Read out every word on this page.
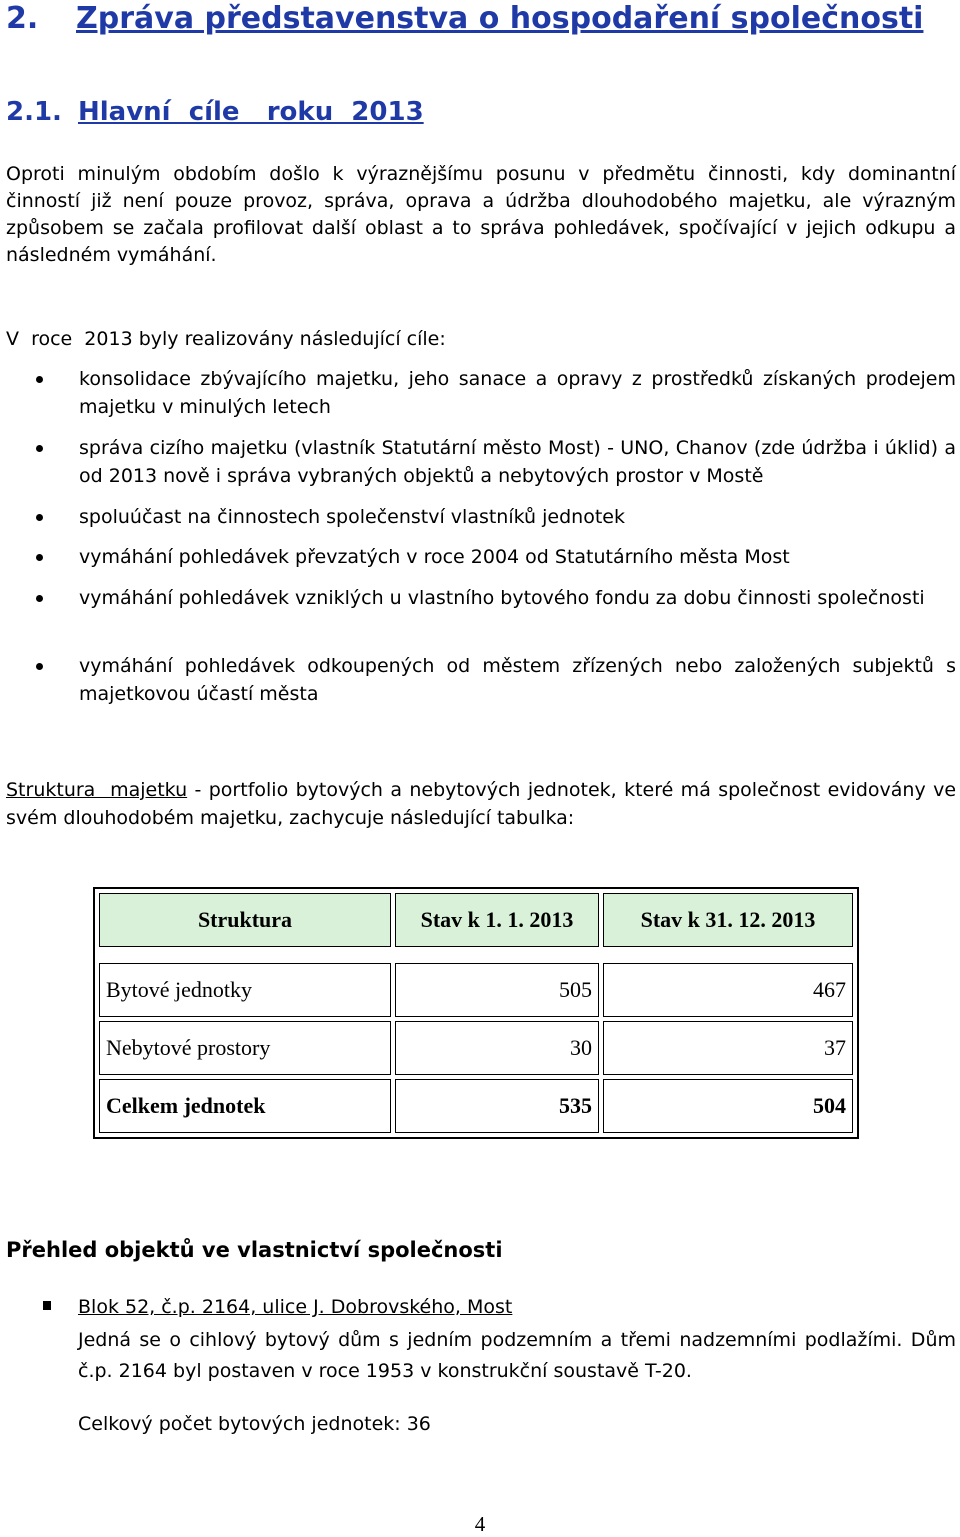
2. Zpráva představenstva o hospodaření společnosti
2.1. Hlavní  cíle   roku  2013
Oproti minulým obdobím došlo k výraznějšímu posunu v předmětu činnosti, kdy dominantní činností již není pouze provoz, správa, oprava a údržba dlouhodobého majetku, ale výrazným způsobem se začala profilovat další oblast a to správa pohledávek, spočívající v jejich odkupu a následném vymáhání.
V  roce  2013 byly realizovány následující cíle:
konsolidace zbývajícího majetku, jeho sanace a opravy z prostředků získaných prodejem majetku v minulých letech
správa cizího majetku (vlastník Statutární město Most) - UNO, Chanov (zde údržba i úklid) a od 2013 nově i správa vybraných objektů a nebytových prostor v Mostě
spoluúčast na činnostech společenství vlastníků jednotek
vymáhání pohledávek převzatých v roce 2004 od Statutárního města Most
vymáhání pohledávek vzniklých u vlastního bytového fondu za dobu činnosti společnosti
vymáhání pohledávek odkoupených od městem zřízených nebo založených subjektů s majetkovou účastí města
Struktura  majetku - portfolio bytových a nebytových jednotek, které má společnost evidovány ve svém dlouhodobém majetku, zachycuje následující tabulka:
Struktura	Stav k 1. 1. 2013	Stav k 31. 12. 2013

Bytové jednotky	505	467
Nebytové prostory	30	37
Celkem jednotek	535	504
Přehled objektů ve vlastnictví společnosti
Blok 52, č.p. 2164, ulice J. Dobrovského, Most
Jedná se o cihlový bytový dům s jedním podzemním a třemi nadzemními podlažími. Dům č.p. 2164 byl postaven v roce 1953 v konstrukční soustavě T-20.
Celkový počet bytových jednotek: 36
4
